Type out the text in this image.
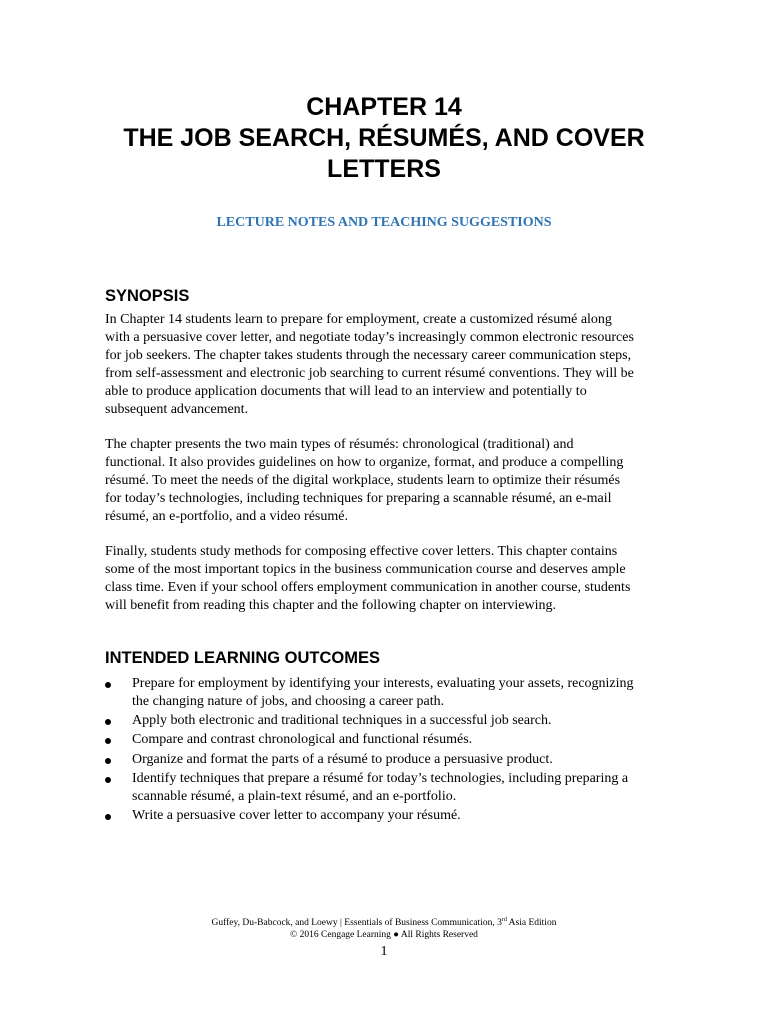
CHAPTER 14
THE JOB SEARCH, RÉSUMÉS, AND COVER
LETTERS
LECTURE NOTES AND TEACHING SUGGESTIONS
SYNOPSIS

In Chapter 14 students learn to prepare for employment, create a customized résumé along
with a persuasive cover letter, and negotiate today’s increasingly common electronic resources
for job seekers. The chapter takes students through the necessary career communication steps,
from self-assessment and electronic job searching to current résumé conventions. They will be
able to produce application documents that will lead to an interview and potentially to
subsequent advancement.

The chapter presents the two main types of résumés: chronological (traditional) and
functional. It also provides guidelines on how to organize, format, and produce a compelling
résumé. To meet the needs of the digital workplace, students learn to optimize their résumés
for today’s technologies, including techniques for preparing a scannable résumé, an e-mail
résumé, an e-portfolio, and a video résumé.

Finally, students study methods for composing effective cover letters. This chapter contains
some of the most important topics in the business communication course and deserves ample
class time. Even if your school offers employment communication in another course, students
will benefit from reading this chapter and the following chapter on interviewing.

INTENDED LEARNING OUTCOMES
Prepare for employment by identifying your interests, evaluating your assets, recognizing
the changing nature of jobs, and choosing a career path.
Apply both electronic and traditional techniques in a successful job search.
Compare and contrast chronological and functional résumés.
Organize and format the parts of a résumé to produce a persuasive product.
Identify techniques that prepare a résumé for today’s technologies, including preparing a
scannable résumé, a plain-text résumé, and an e-portfolio.
Write a persuasive cover letter to accompany your résumé.
Guffey, Du-Babcock, and Loewy | Essentials of Business Communication, 3rd Asia Edition
© 2016 Cengage Learning ● All Rights Reserved
1
